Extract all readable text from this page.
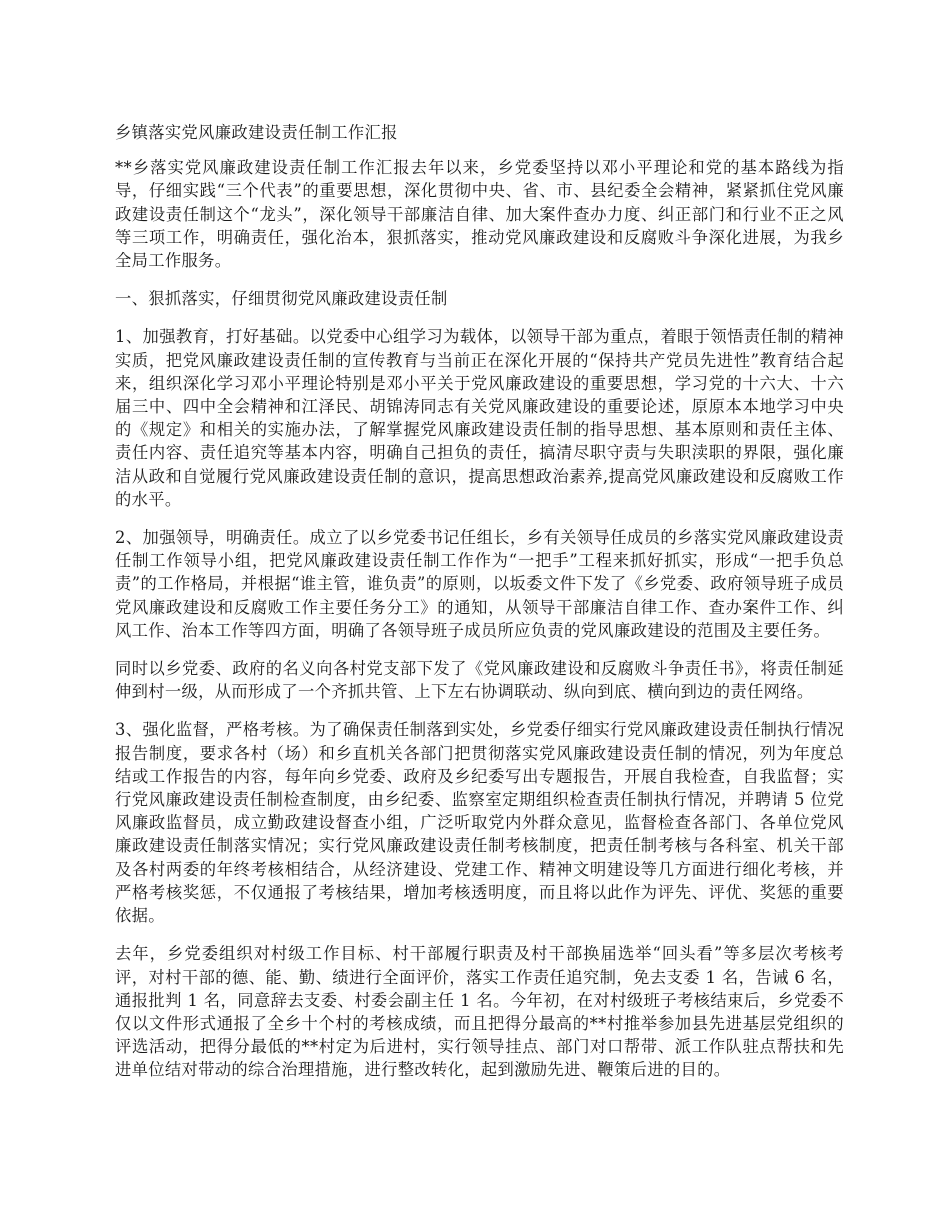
乡镇落实党风廉政建设责任制工作汇报

**乡落实党风廉政建设责任制工作汇报去年以来，乡党委坚持以邓小平理论和党的基本路线为指导，仔细实践“三个代表”的重要思想，深化贯彻中央、省、市、县纪委全会精神，紧紧抓住党风廉政建设责任制这个“龙头”，深化领导干部廉洁自律、加大案件查办力度、纠正部门和行业不正之风等三项工作，明确责任，强化治本，狠抓落实，推动党风廉政建设和反腐败斗争深化进展，为我乡全局工作服务。

一、狠抓落实，仔细贯彻党风廉政建设责任制

1、加强教育，打好基础。以党委中心组学习为载体，以领导干部为重点，着眼于领悟责任制的精神实质，把党风廉政建设责任制的宣传教育与当前正在深化开展的“保持共产党员先进性”教育结合起来，组织深化学习邓小平理论特别是邓小平关于党风廉政建设的重要思想，学习党的十六大、十六届三中、四中全会精神和江泽民、胡锦涛同志有关党风廉政建设的重要论述，原原本本地学习中央的《规定》和相关的实施办法，了解掌握党风廉政建设责任制的指导思想、基本原则和责任主体、责任内容、责任追究等基本内容，明确自己担负的责任，搞清尽职守责与失职渎职的界限，强化廉洁从政和自觉履行党风廉政建设责任制的意识，提高思想政治素养,提高党风廉政建设和反腐败工作的水平。

2、加强领导，明确责任。成立了以乡党委书记任组长，乡有关领导任成员的乡落实党风廉政建设责任制工作领导小组，把党风廉政建设责任制工作作为“一把手”工程来抓好抓实，形成“一把手负总责”的工作格局，并根据“谁主管，谁负责”的原则，以坂委文件下发了《乡党委、政府领导班子成员党风廉政建设和反腐败工作主要任务分工》的通知，从领导干部廉洁自律工作、查办案件工作、纠风工作、治本工作等四方面，明确了各领导班子成员所应负责的党风廉政建设的范围及主要任务。

同时以乡党委、政府的名义向各村党支部下发了《党风廉政建设和反腐败斗争责任书》，将责任制延伸到村一级，从而形成了一个齐抓共管、上下左右协调联动、纵向到底、横向到边的责任网络。

3、强化监督，严格考核。为了确保责任制落到实处，乡党委仔细实行党风廉政建设责任制执行情况报告制度，要求各村（场）和乡直机关各部门把贯彻落实党风廉政建设责任制的情况，列为年度总结或工作报告的内容，每年向乡党委、政府及乡纪委写出专题报告，开展自我检查，自我监督；实行党风廉政建设责任制检查制度，由乡纪委、监察室定期组织检查责任制执行情况，并聘请 5 位党风廉政监督员，成立勤政建设督查小组，广泛听取党内外群众意见，监督检查各部门、各单位党风廉政建设责任制落实情况；实行党风廉政建设责任制考核制度，把责任制考核与各科室、机关干部及各村两委的年终考核相结合，从经济建设、党建工作、精神文明建设等几方面进行细化考核，并严格考核奖惩，不仅通报了考核结果，增加考核透明度，而且将以此作为评先、评优、奖惩的重要依据。

去年，乡党委组织对村级工作目标、村干部履行职责及村干部换届选举“回头看”等多层次考核考评，对村干部的德、能、勤、绩进行全面评价，落实工作责任追究制，免去支委 1 名，告诫 6 名，通报批判 1 名，同意辞去支委、村委会副主任 1 名。今年初，在对村级班子考核结束后，乡党委不仅以文件形式通报了全乡十个村的考核成绩，而且把得分最高的**村推举参加县先进基层党组织的评选活动，把得分最低的**村定为后进村，实行领导挂点、部门对口帮带、派工作队驻点帮扶和先进单位结对带动的综合治理措施，进行整改转化，起到激励先进、鞭策后进的目的。
